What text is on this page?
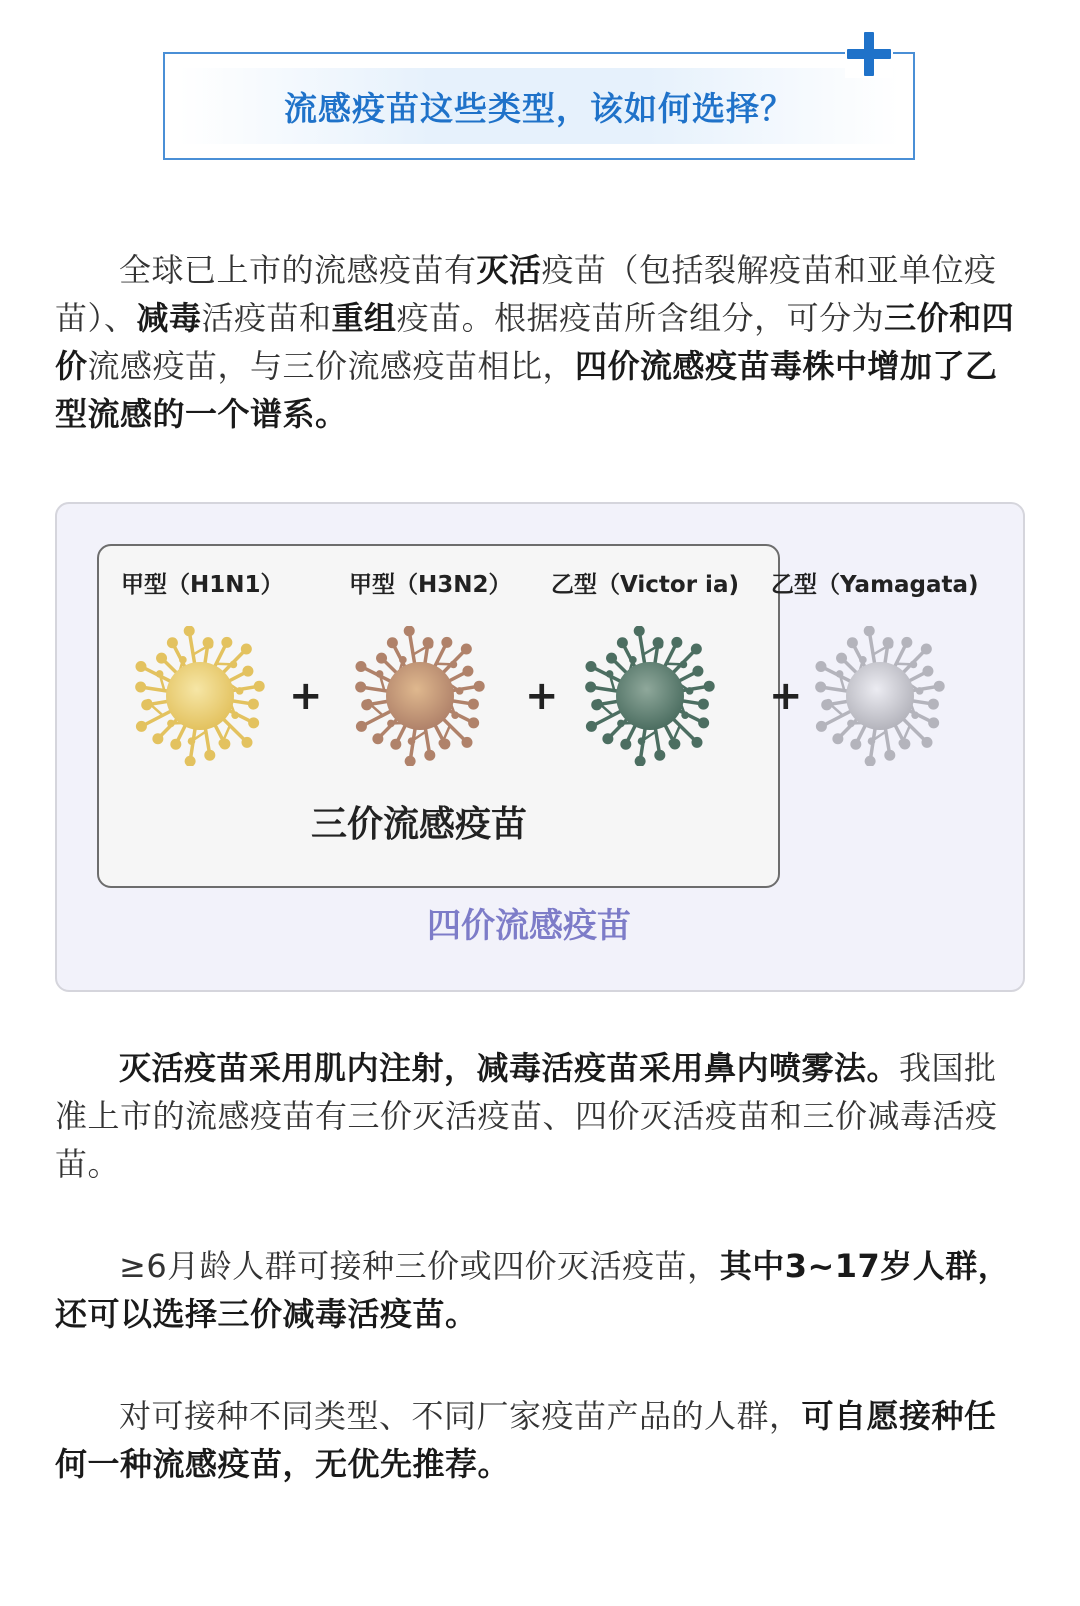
流感疫苗这些类型，该如何选择？

全球已上市的流感疫苗有灭活疫苗（包括裂解疫苗和亚单位疫苗）、减毒活疫苗和重组疫苗。根据疫苗所含组分，可分为三价和四价流感疫苗，与三价流感疫苗相比，四价流感疫苗毒株中增加了乙型流感的一个谱系。

甲型（H1N1）	甲型（H3N2） 乙型（Victor ia) 乙型（Yamagata)
+	+	+
三价流感疫苗
四价流感疫苗

灭活疫苗采用肌内注射，减毒活疫苗采用鼻内喷雾法。我国批准上市的流感疫苗有三价灭活疫苗、四价灭活疫苗和三价减毒活疫苗。

≥6月龄人群可接种三价或四价灭活疫苗，其中3~17岁人群，还可以选择三价减毒活疫苗。

对可接种不同类型、不同厂家疫苗产品的人群，可自愿接种任何一种流感疫苗，无优先推荐。
